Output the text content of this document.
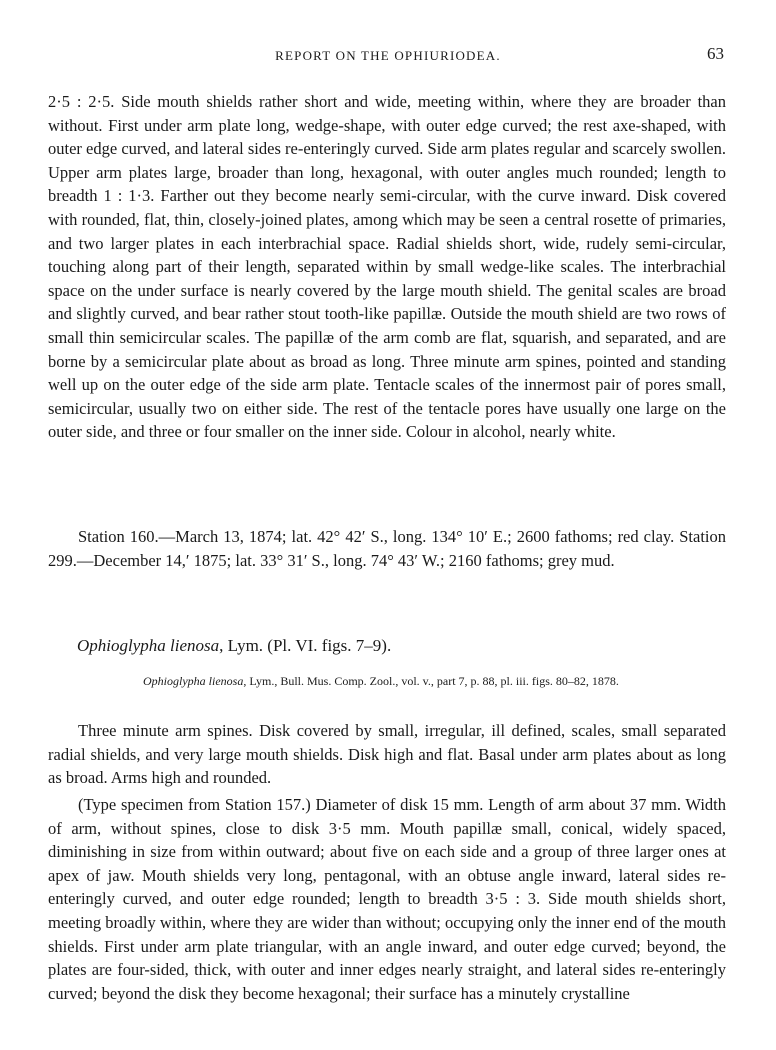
REPORT ON THE OPHIURIODEA.	63

2·5 : 2·5. Side mouth shields rather short and wide, meeting within, where they are broader than without. First under arm plate long, wedge-shape, with outer edge curved; the rest axe-shaped, with outer edge curved, and lateral sides re-enteringly curved. Side arm plates regular and scarcely swollen. Upper arm plates large, broader than long, hexagonal, with outer angles much rounded; length to breadth 1 : 1·3. Farther out they become nearly semi-circular, with the curve inward. Disk covered with rounded, flat, thin, closely-joined plates, among which may be seen a central rosette of primaries, and two larger plates in each interbrachial space. Radial shields short, wide, rudely semi-circular, touching along part of their length, separated within by small wedge-like scales. The interbrachial space on the under surface is nearly covered by the large mouth shield. The genital scales are broad and slightly curved, and bear rather stout tooth-like papillæ. Outside the mouth shield are two rows of small thin semicircular scales. The papillæ of the arm comb are flat, squarish, and separated, and are borne by a semicircular plate about as broad as long. Three minute arm spines, pointed and standing well up on the outer edge of the side arm plate. Tentacle scales of the innermost pair of pores small, semicircular, usually two on either side. The rest of the tentacle pores have usually one large on the outer side, and three or four smaller on the inner side. Colour in alcohol, nearly white.

Station 160.—March 13, 1874; lat. 42° 42′ S., long. 134° 10′ E.; 2600 fathoms; red clay. Station 299.—December 14,′ 1875; lat. 33° 31′ S., long. 74° 43′ W.; 2160 fathoms; grey mud.

Ophioglypha lienosa, Lym. (Pl. VI. figs. 7–9).
Ophioglypha lienosa, Lym., Bull. Mus. Comp. Zool., vol. v., part 7, p. 88, pl. iii. figs. 80–82, 1878.

Three minute arm spines. Disk covered by small, irregular, ill defined, scales, small separated radial shields, and very large mouth shields. Disk high and flat. Basal under arm plates about as long as broad. Arms high and rounded.

(Type specimen from Station 157.) Diameter of disk 15 mm. Length of arm about 37 mm. Width of arm, without spines, close to disk 3·5 mm. Mouth papillæ small, conical, widely spaced, diminishing in size from within outward; about five on each side and a group of three larger ones at apex of jaw. Mouth shields very long, pentagonal, with an obtuse angle inward, lateral sides re-enteringly curved, and outer edge rounded; length to breadth 3·5 : 3. Side mouth shields short, meeting broadly within, where they are wider than without; occupying only the inner end of the mouth shields. First under arm plate triangular, with an angle inward, and outer edge curved; beyond, the plates are four-sided, thick, with outer and inner edges nearly straight, and lateral sides re-enteringly curved; beyond the disk they become hexagonal; their surface has a minutely crystalline
